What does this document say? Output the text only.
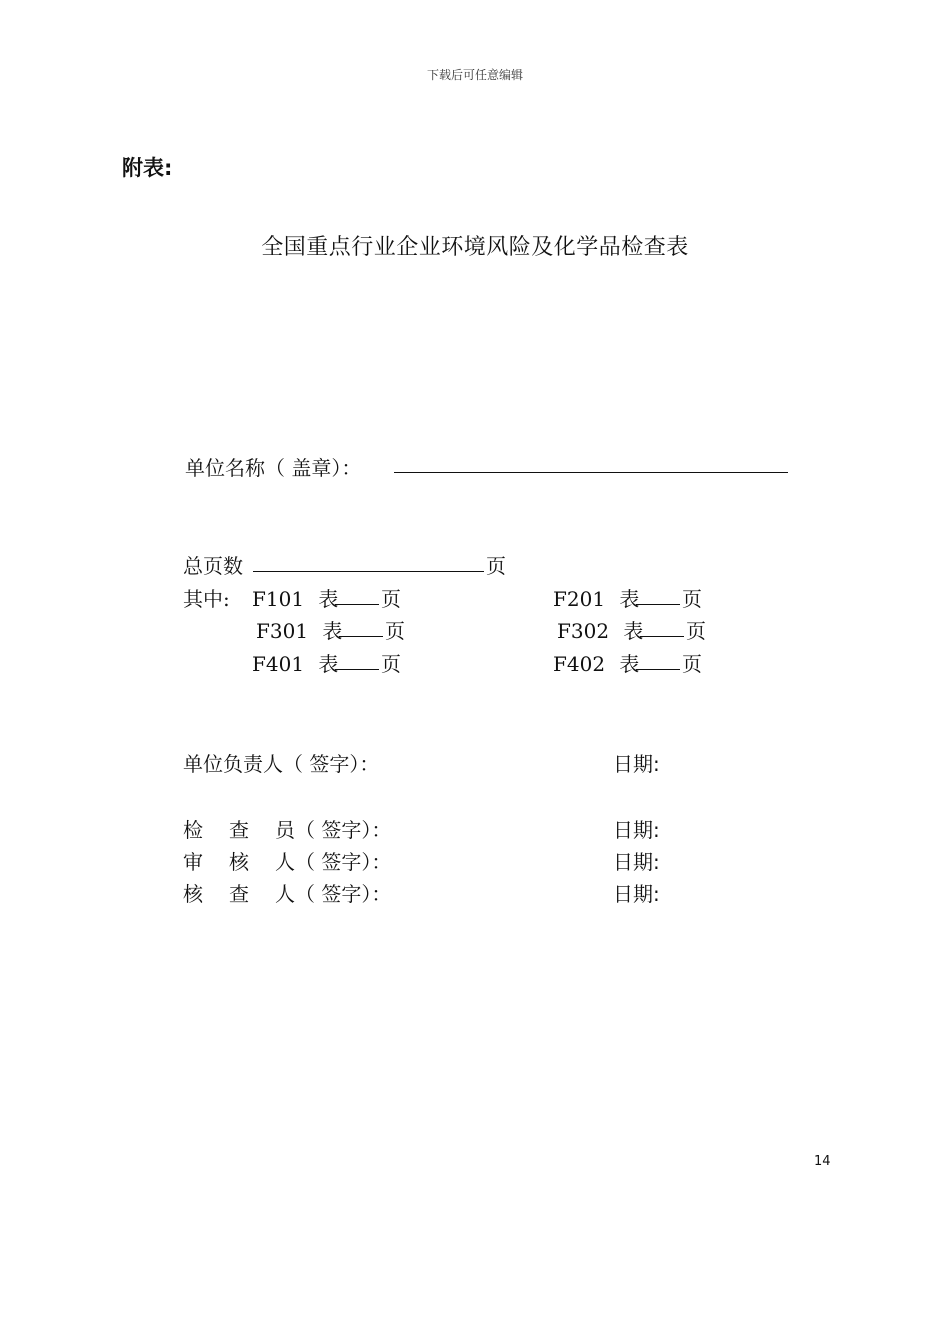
下载后可任意编辑
附表:
全国重点行业企业环境风险及化学品检查表
单位名称（ 盖章）：
总页数	页
其中: F101 表 页	F201 表 页
F301 表 页	F302 表 页
F401 表 页	F402 表 页
单位负责人（ 签字）：	日期:
检 查 员（ 签字）：	日期:
审 核 人（ 签字）：	日期:
核 查 人（ 签字）：	日期:
14
